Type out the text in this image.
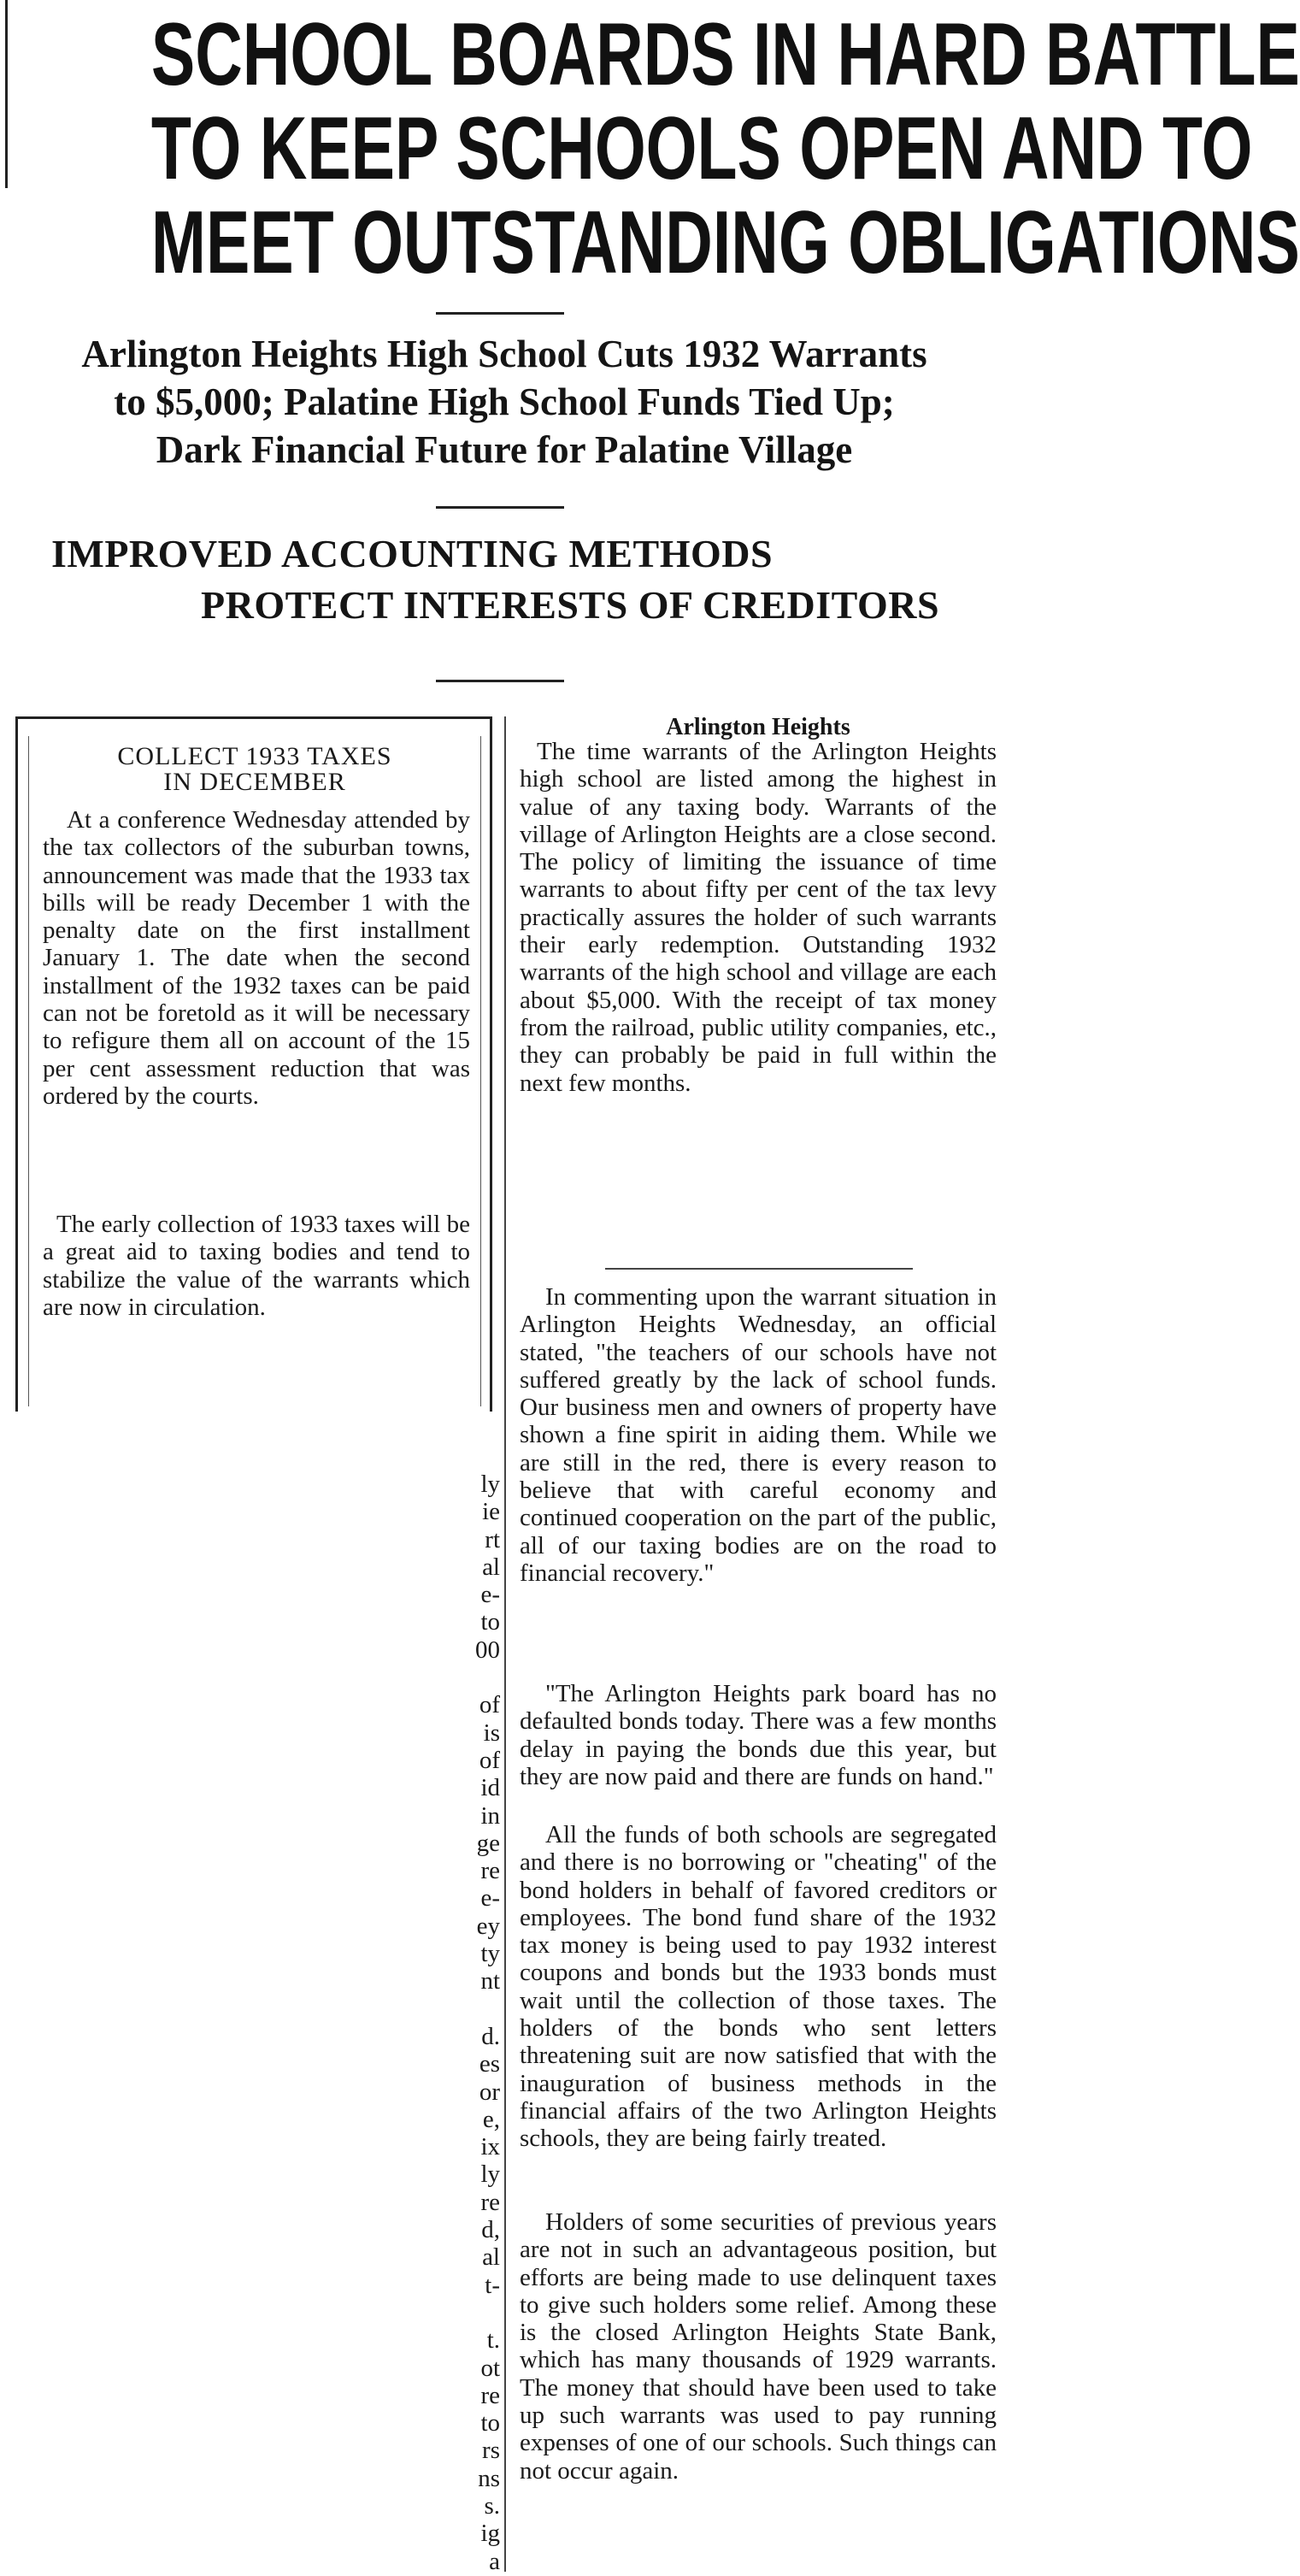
SCHOOL BOARDS IN HARD BATTLE
TO KEEP SCHOOLS OPEN AND TO
MEET OUTSTANDING OBLIGATIONS
Arlington Heights High School Cuts 1932 Warrants
to $5,000; Palatine High School Funds Tied Up;
Dark Financial Future for Palatine Village
IMPROVED ACCOUNTING METHODS
PROTECT INTERESTS OF CREDITORS
COLLECT 1933 TAXES
IN DECEMBER

At a conference Wednesday attended by the tax collectors of the suburban towns, announcement was made that the 1933 tax bills will be ready December 1 with the penalty date on the first installment January 1. The date when the second installment of the 1932 taxes can be paid can not be foretold as it will be necessary to refigure them all on account of the 15 per cent assessment reduction that was ordered by the courts.

The early collection of 1933 taxes will be a great aid to taxing bodies and tend to stabilize the value of the warrants which are now in circulation.

Arlington Heights

The time warrants of the Arlington Heights high school are listed among the highest in value of any taxing body. Warrants of the village of Arlington Heights are a close second. The policy of limiting the issuance of time warrants to about fifty per cent of the tax levy practically assures the holder of such warrants their early redemption. Outstanding 1932 warrants of the high school and village are each about $5,000. With the receipt of tax money from the railroad, public utility companies, etc., they can probably be paid in full within the next few months.

In commenting upon the warrant situation in Arlington Heights Wednesday, an official stated, "the teachers of our schools have not suffered greatly by the lack of school funds. Our business men and owners of property have shown a fine spirit in aiding them. While we are still in the red, there is every reason to believe that with careful economy and continued cooperation on the part of the public, all of our taxing bodies are on the road to financial recovery."

"The Arlington Heights park board has no defaulted bonds today. There was a few months delay in paying the bonds due this year, but they are now paid and there are funds on hand."

All the funds of both schools are segregated and there is no borrowing or "cheating" of the bond holders in behalf of favored creditors or employees. The bond fund share of the 1932 tax money is being used to pay 1932 interest coupons and bonds but the 1933 bonds must wait until the collection of those taxes. The holders of the bonds who sent letters threatening suit are now satisfied that with the inauguration of business methods in the financial affairs of the two Arlington Heights schools, they are being fairly treated.

Holders of some securities of previous years are not in such an advantageous position, but efforts are being made to use delinquent taxes to give such holders some relief. Among these is the closed Arlington Heights State Bank, which has many thousands of 1929 warrants. The money that should have been used to take up such warrants was used to pay running expenses of one of our schools. Such things can not occur again.

ly
ie
rt
al
e-
to
00
of
is
of
id
in
ge
re
e-
ey
ty
nt
d.
es
or
e,
ix
ly
re
d,
al
t-
t.
ot
re
to
rs
ns
s.
ig
a
